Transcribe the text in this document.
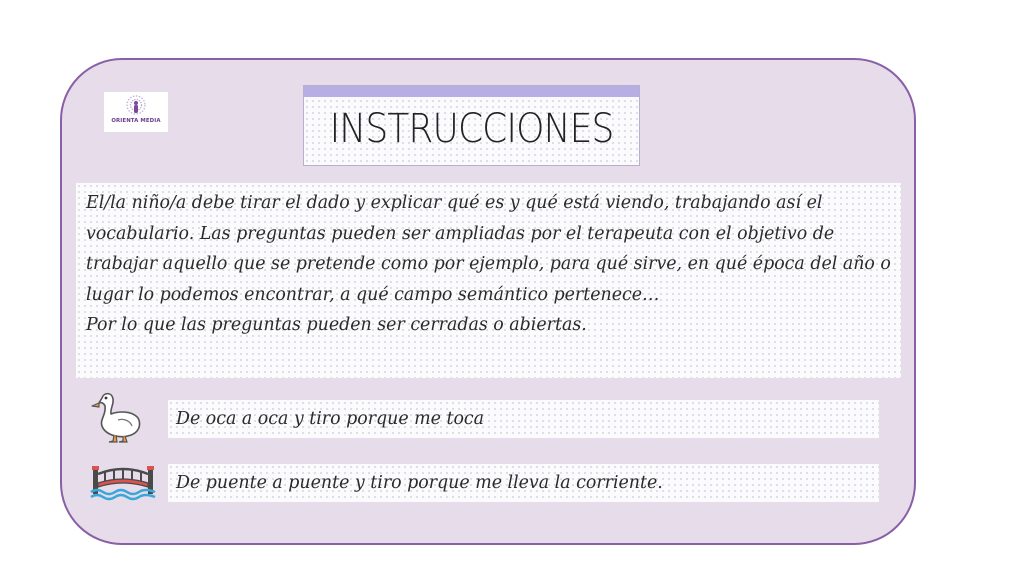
ORIENTA MEDIA	INSTRUCCIONES

El/la niño/a debe tirar el dado y explicar qué es y qué está viendo, trabajando así el vocabulario. Las preguntas pueden ser ampliadas por el terapeuta con el objetivo de trabajar aquello que se pretende como por ejemplo, para qué sirve, en qué época del año o lugar lo podemos encontrar, a qué campo semántico pertenece…

Por lo que las preguntas pueden ser cerradas o abiertas.

De oca a oca y tiro porque me toca
De puente a puente y tiro porque me lleva la corriente.
